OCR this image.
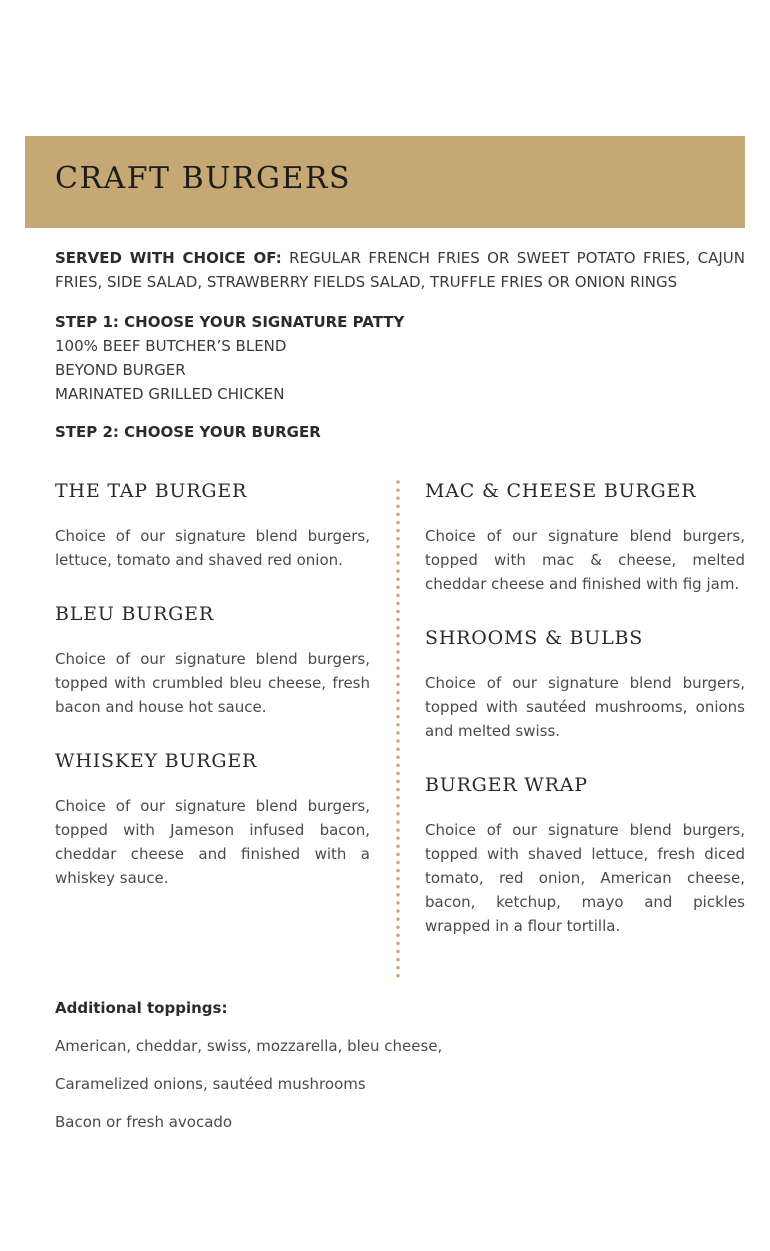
CRAFT BURGERS

SERVED WITH CHOICE OF: REGULAR FRENCH FRIES OR SWEET POTATO FRIES, CAJUN FRIES, SIDE SALAD, STRAWBERRY FIELDS SALAD, TRUFFLE FRIES OR ONION RINGS

STEP 1: CHOOSE YOUR SIGNATURE PATTY
100% BEEF BUTCHER’S BLEND
BEYOND BURGER
MARINATED GRILLED CHICKEN
STEP 2: CHOOSE YOUR BURGER
THE TAP BURGER

Choice of our signature blend burgers, lettuce, tomato and shaved red onion.

BLEU BURGER

Choice of our signature blend burgers, topped with crumbled bleu cheese, fresh bacon and house hot sauce.

WHISKEY BURGER

Choice of our signature blend burgers, topped with Jameson infused bacon, cheddar cheese and finished with a whiskey sauce.

MAC & CHEESE BURGER

Choice of our signature blend burgers, topped with mac & cheese, melted cheddar cheese and finished with fig jam.

SHROOMS & BULBS

Choice of our signature blend burgers, topped with sautéed mushrooms, onions and melted swiss.

BURGER WRAP

Choice of our signature blend burgers, topped with shaved lettuce, fresh diced tomato, red onion, American cheese, bacon, ketchup, mayo and pickles wrapped in a flour tortilla.

Additional toppings:
American, cheddar, swiss, mozzarella, bleu cheese,
Caramelized onions, sautéed mushrooms
Bacon or fresh avocado
